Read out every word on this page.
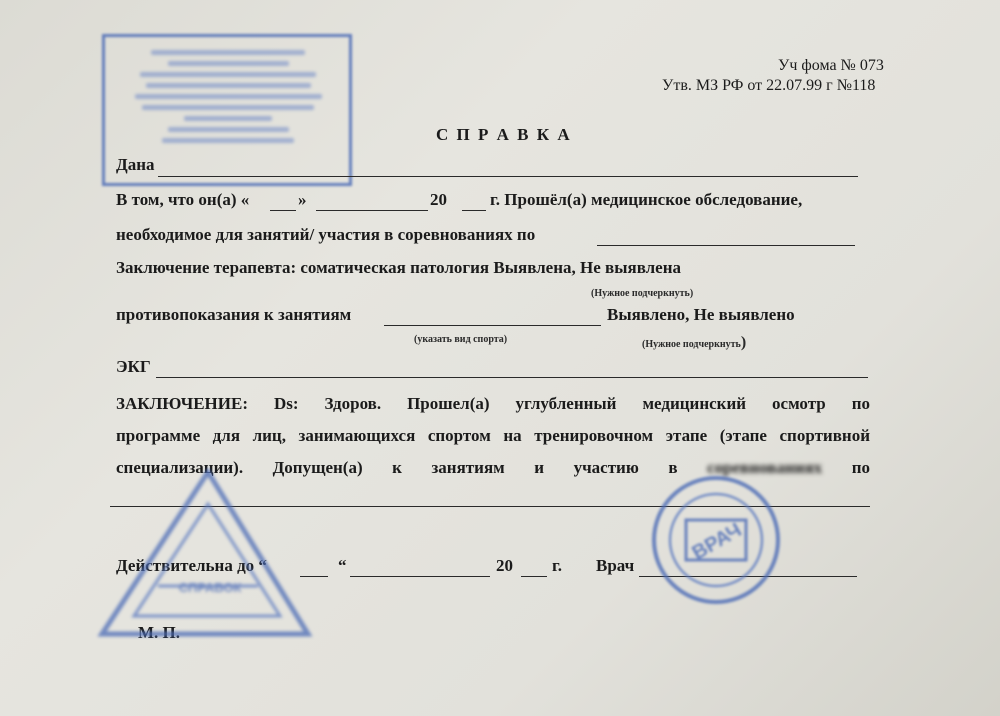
Уч фома № 073
Утв. МЗ РФ от 22.07.99 г №118
С П Р А В К А
Дана
В том, что он(а) «	»	20	г. Прошёл(а) медицинское обследование,
необходимое для занятий/ участия в соревнованиях по
Заключение терапевта: соматическая патология Выявлена, Не выявлена
(Нужное подчеркнуть)
противопоказания к занятиям	Выявлено, Не выявлено
(указать вид спорта)	(Нужное подчеркнуть)
ЭКГ
ЗАКЛЮЧЕНИЕ: Ds: Здоров. Прошел(а) углубленный медицинский осмотр по
программе для лиц, занимающихся спортом на тренировочном этапе (этапе спортивной
специализации). Допущен(а) к занятиям и участию в соревнованиях по
Действительна до “	“	20 г. Врач
М. П.
СПРАВОК
ВРАЧ
